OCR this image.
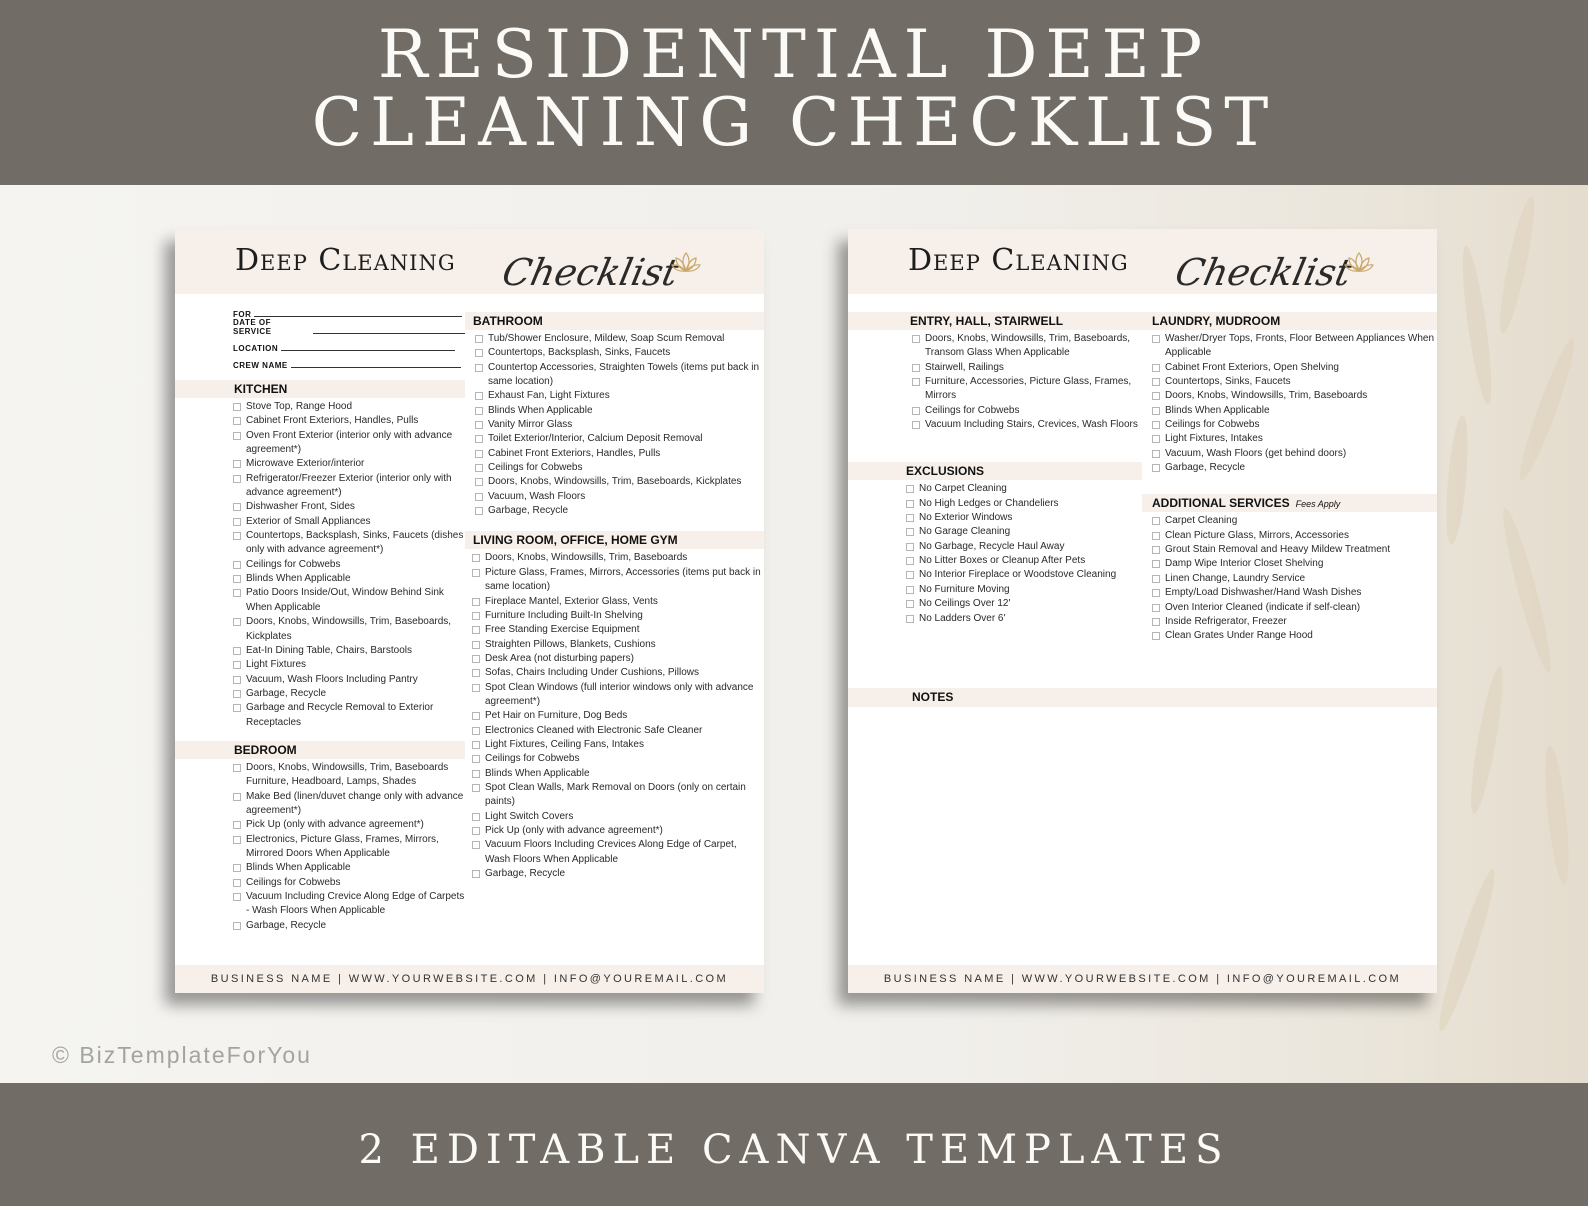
RESIDENTIAL DEEP
CLEANING CHECKLIST
© BizTemplateForYou
2 EDITABLE CANVA TEMPLATES
Deep Cleaning Checklist
FOR
DATE OF SERVICE
LOCATION
CREW NAME
KITCHEN
Stove Top, Range Hood
Cabinet Front Exteriors, Handles, Pulls
Oven Front Exterior (interior only with advance agreement*)
Microwave Exterior/interior
Refrigerator/Freezer Exterior (interior only with advance agreement*)
Dishwasher Front, Sides
Exterior of Small Appliances
Countertops, Backsplash, Sinks, Faucets (dishes only with advance agreement*)
Ceilings for Cobwebs
Blinds When Applicable
Patio Doors Inside/Out, Window Behind Sink When Applicable
Doors, Knobs, Windowsills, Trim, Baseboards, Kickplates
Eat-In Dining Table, Chairs, Barstools
Light Fixtures
Vacuum, Wash Floors Including Pantry
Garbage, Recycle
Garbage and Recycle Removal to Exterior Receptacles
BEDROOM
Doors, Knobs, Windowsills, Trim, Baseboards Furniture, Headboard, Lamps, Shades
Make Bed (linen/duvet change only with advance agreement*)
Pick Up (only with advance agreement*)
Electronics, Picture Glass, Frames, Mirrors, Mirrored Doors When Applicable
Blinds When Applicable
Ceilings for Cobwebs
Vacuum Including Crevice Along Edge of Carpets - Wash Floors When Applicable
Garbage, Recycle
BATHROOM
Tub/Shower Enclosure, Mildew, Soap Scum Removal
Countertops, Backsplash, Sinks, Faucets
Countertop Accessories, Straighten Towels (items put back in same location)
Exhaust Fan, Light Fixtures
Blinds When Applicable
Vanity Mirror Glass
Toilet Exterior/Interior, Calcium Deposit Removal
Cabinet Front Exteriors, Handles, Pulls
Ceilings for Cobwebs
Doors, Knobs, Windowsills, Trim, Baseboards, Kickplates
Vacuum, Wash Floors
Garbage, Recycle
LIVING ROOM, OFFICE, HOME GYM
Doors, Knobs, Windowsills, Trim, Baseboards
Picture Glass, Frames, Mirrors, Accessories (items put back in same location)
Fireplace Mantel, Exterior Glass, Vents
Furniture Including Built-In Shelving
Free Standing Exercise Equipment
Straighten Pillows, Blankets, Cushions
Desk Area (not disturbing papers)
Sofas, Chairs Including Under Cushions, Pillows
Spot Clean Windows (full interior windows only with advance agreement*)
Pet Hair on Furniture, Dog Beds
Electronics Cleaned with Electronic Safe Cleaner
Light Fixtures, Ceiling Fans, Intakes
Ceilings for Cobwebs
Blinds When Applicable
Spot Clean Walls, Mark Removal on Doors (only on certain paints)
Light Switch Covers
Pick Up (only with advance agreement*)
Vacuum Floors Including Crevices Along Edge of Carpet, Wash Floors When Applicable
Garbage, Recycle
BUSINESS NAME | WWW.YOURWEBSITE.COM | INFO@YOUREMAIL.COM
Deep Cleaning Checklist
ENTRY, HALL, STAIRWELL
Doors, Knobs, Windowsills, Trim, Baseboards, Transom Glass When Applicable
Stairwell, Railings
Furniture, Accessories, Picture Glass, Frames, Mirrors
Ceilings for Cobwebs
Vacuum Including Stairs, Crevices, Wash Floors
EXCLUSIONS
No Carpet Cleaning
No High Ledges or Chandeliers
No Exterior Windows
No Garage Cleaning
No Garbage, Recycle Haul Away
No Litter Boxes or Cleanup After Pets
No Interior Fireplace or Woodstove Cleaning
No Furniture Moving
No Ceilings Over 12'
No Ladders Over 6'
LAUNDRY, MUDROOM
Washer/Dryer Tops, Fronts, Floor Between Appliances When Applicable
Cabinet Front Exteriors, Open Shelving
Countertops, Sinks, Faucets
Doors, Knobs, Windowsills, Trim, Baseboards
Blinds When Applicable
Ceilings for Cobwebs
Light Fixtures, Intakes
Vacuum, Wash Floors (get behind doors)
Garbage, Recycle
ADDITIONAL SERVICES Fees Apply
Carpet Cleaning
Clean Picture Glass, Mirrors, Accessories
Grout Stain Removal and Heavy Mildew Treatment
Damp Wipe Interior Closet Shelving
Linen Change, Laundry Service
Empty/Load Dishwasher/Hand Wash Dishes
Oven Interior Cleaned (indicate if self-clean)
Inside Refrigerator, Freezer
Clean Grates Under Range Hood
NOTES
BUSINESS NAME | WWW.YOURWEBSITE.COM | INFO@YOUREMAIL.COM
